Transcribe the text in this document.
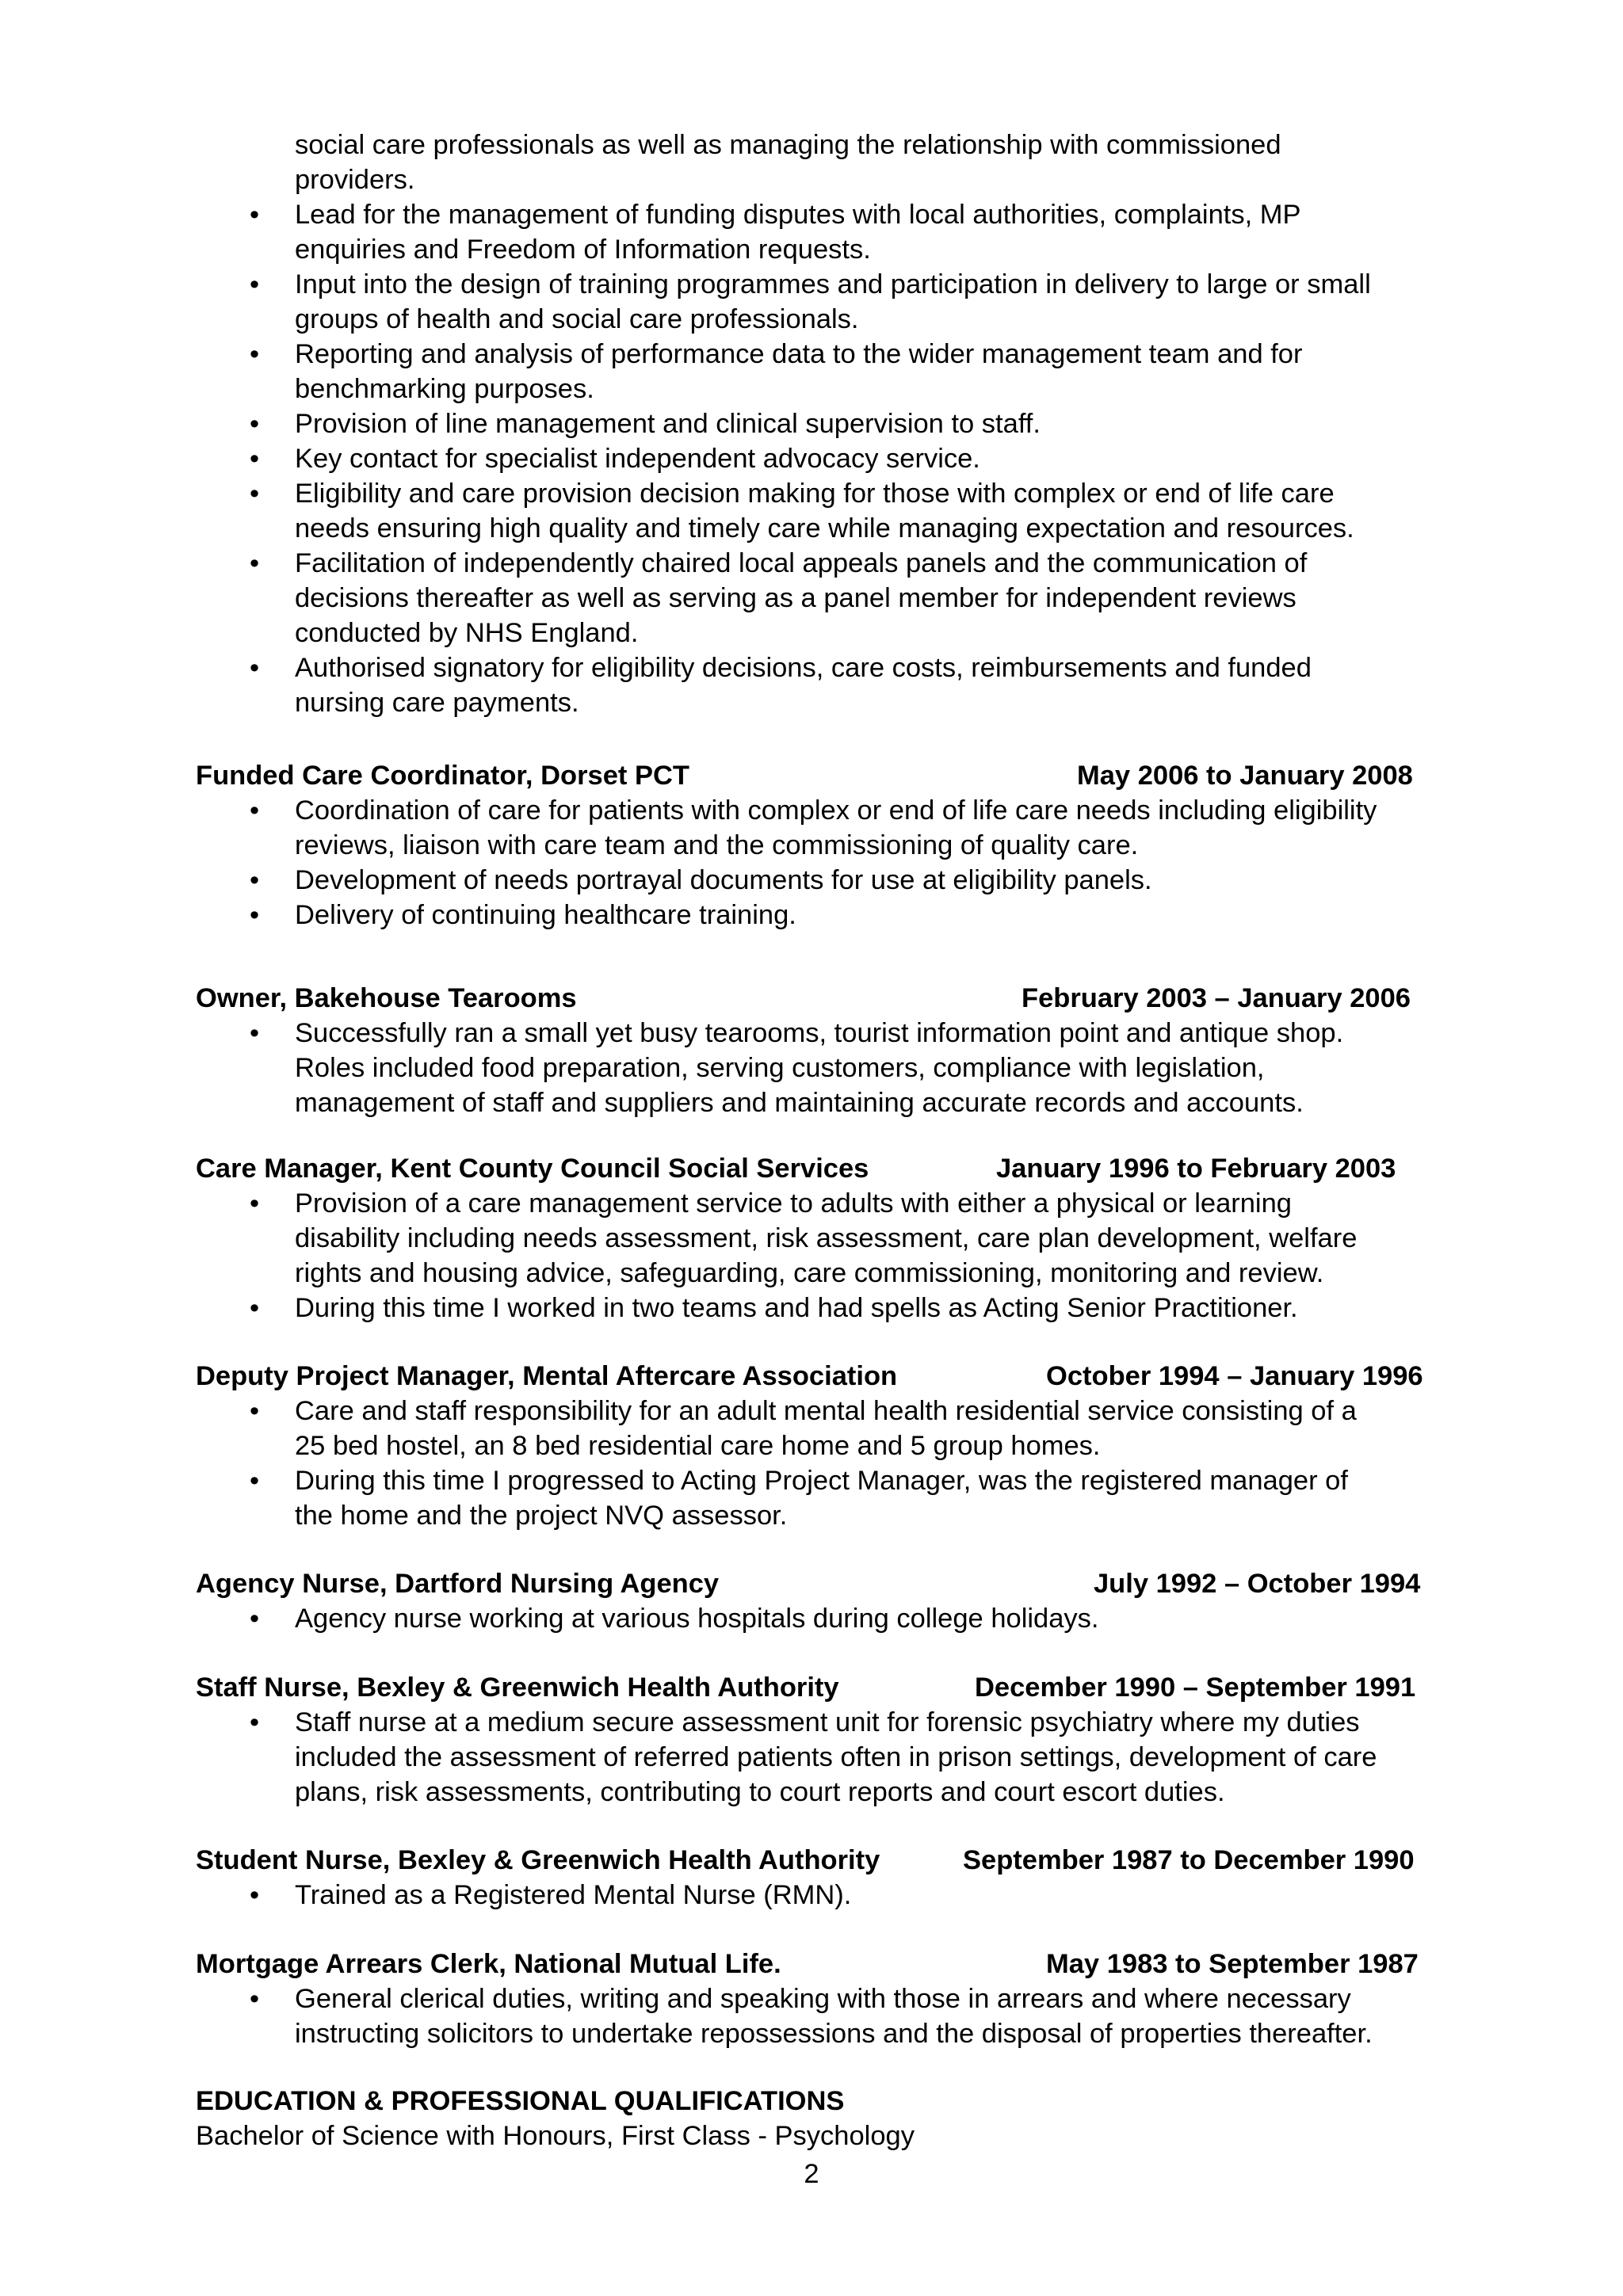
social care professionals as well as managing the relationship with commissioned
providers.
• Lead for the management of funding disputes with local authorities, complaints, MP
enquiries and Freedom of Information requests.
• Input into the design of training programmes and participation in delivery to large or small
groups of health and social care professionals.
• Reporting and analysis of performance data to the wider management team and for
benchmarking purposes.
• Provision of line management and clinical supervision to staff.
• Key contact for specialist independent advocacy service.
• Eligibility and care provision decision making for those with complex or end of life care
needs ensuring high quality and timely care while managing expectation and resources.
• Facilitation of independently chaired local appeals panels and the communication of
decisions thereafter as well as serving as a panel member for independent reviews
conducted by NHS England.
• Authorised signatory for eligibility decisions, care costs, reimbursements and funded
nursing care payments.
Funded Care Coordinator, Dorset PCT	May 2006 to January 2008
• Coordination of care for patients with complex or end of life care needs including eligibility
reviews, liaison with care team and the commissioning of quality care.
• Development of needs portrayal documents for use at eligibility panels.
• Delivery of continuing healthcare training.
Owner, Bakehouse Tearooms	February 2003 – January 2006
• Successfully ran a small yet busy tearooms, tourist information point and antique shop.
Roles included food preparation, serving customers, compliance with legislation,
management of staff and suppliers and maintaining accurate records and accounts.
Care Manager, Kent County Council Social Services	January 1996 to February 2003
• Provision of a care management service to adults with either a physical or learning
disability including needs assessment, risk assessment, care plan development, welfare
rights and housing advice, safeguarding, care commissioning, monitoring and review.
• During this time I worked in two teams and had spells as Acting Senior Practitioner.
Deputy Project Manager, Mental Aftercare Association	October 1994 – January 1996
• Care and staff responsibility for an adult mental health residential service consisting of a
25 bed hostel, an 8 bed residential care home and 5 group homes.
• During this time I progressed to Acting Project Manager, was the registered manager of
the home and the project NVQ assessor.
Agency Nurse, Dartford Nursing Agency	July 1992 – October 1994
• Agency nurse working at various hospitals during college holidays.
Staff Nurse, Bexley & Greenwich Health Authority	December 1990 – September 1991
• Staff nurse at a medium secure assessment unit for forensic psychiatry where my duties
included the assessment of referred patients often in prison settings, development of care
plans, risk assessments, contributing to court reports and court escort duties.
Student Nurse, Bexley & Greenwich Health Authority	September 1987 to December 1990
• Trained as a Registered Mental Nurse (RMN).
Mortgage Arrears Clerk, National Mutual Life.	May 1983 to September 1987
• General clerical duties, writing and speaking with those in arrears and where necessary
instructing solicitors to undertake repossessions and the disposal of properties thereafter.
EDUCATION & PROFESSIONAL QUALIFICATIONS
Bachelor of Science with Honours, First Class - Psychology
2
